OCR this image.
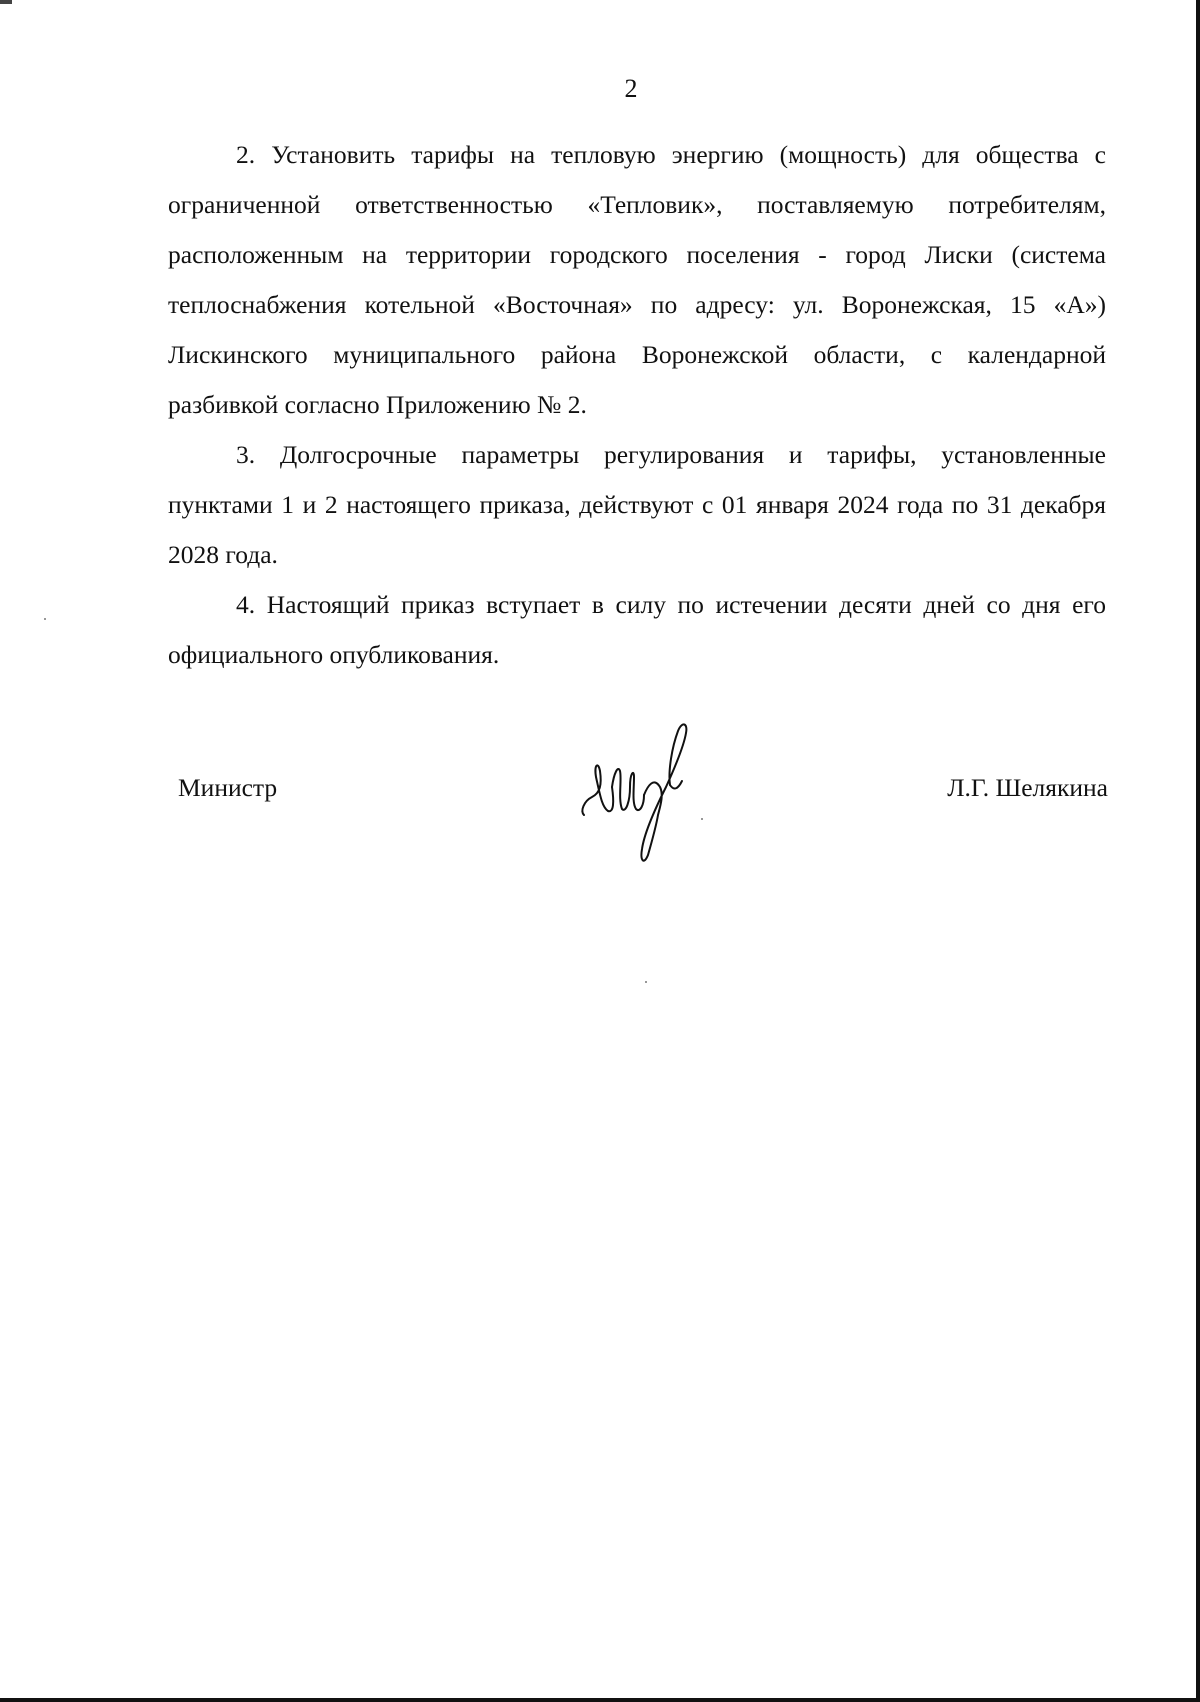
2

2. Установить тарифы на тепловую энергию (мощность) для общества с ограниченной ответственностью «Тепловик», поставляемую потребителям, расположенным на территории городского поселения - город Лиски (система теплоснабжения котельной «Восточная» по адресу: ул. Воронежская, 15 «А») Лискинского муниципального района Воронежской области, с календарной разбивкой согласно Приложению № 2.

3. Долгосрочные параметры регулирования и тарифы, установленные пунктами 1 и 2 настоящего приказа, действуют с 01 января 2024 года по 31 декабря 2028 года.

4. Настоящий приказ вступает в силу по истечении десяти дней со дня его официального опубликования.

Министр	Л.Г. Шелякина
